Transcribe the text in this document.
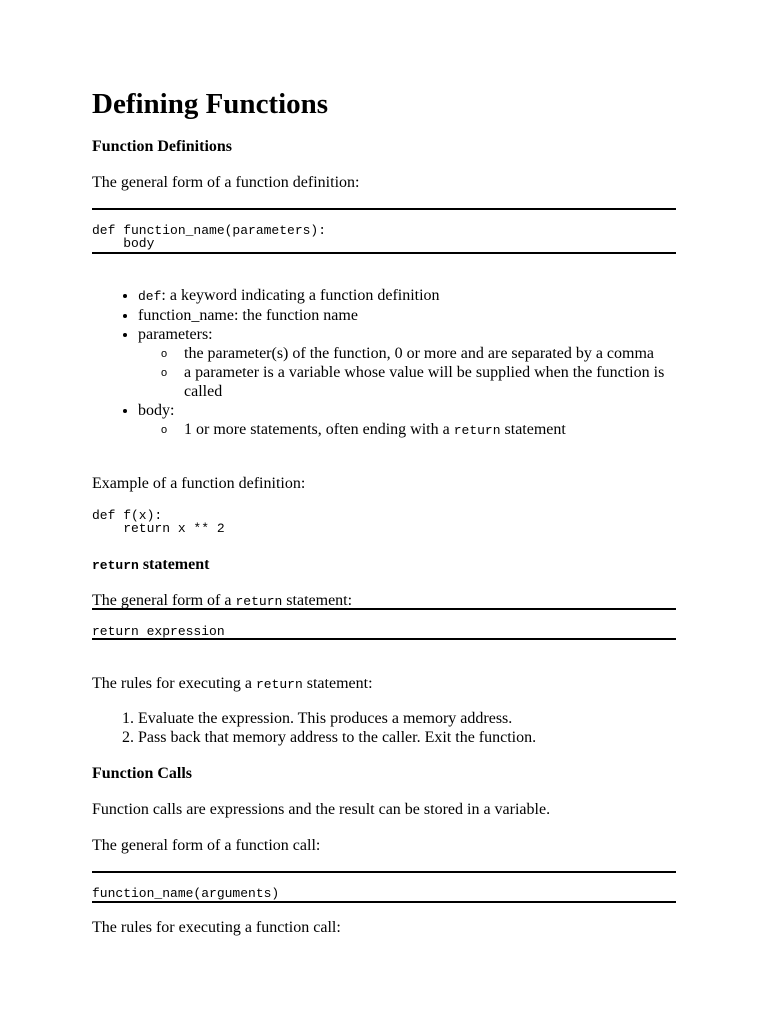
Defining Functions
Function Definitions

The general form of a function definition:

def function_name(parameters):
body
• def: a keyword indicating a function definition
• function_name: the function name
• parameters:
o the parameter(s) of the function, 0 or more and are separated by a comma
o a parameter is a variable whose value will be supplied when the function is called
• body:
o 1 or more statements, often ending with a return statement

Example of a function definition:

def f(x):
return x ** 2
return statement

The general form of a return statement:

return expression

The rules for executing a return statement:

1. Evaluate the expression. This produces a memory address.
2. Pass back that memory address to the caller. Exit the function.
Function Calls

Function calls are expressions and the result can be stored in a variable.

The general form of a function call:

function_name(arguments)

The rules for executing a function call:
